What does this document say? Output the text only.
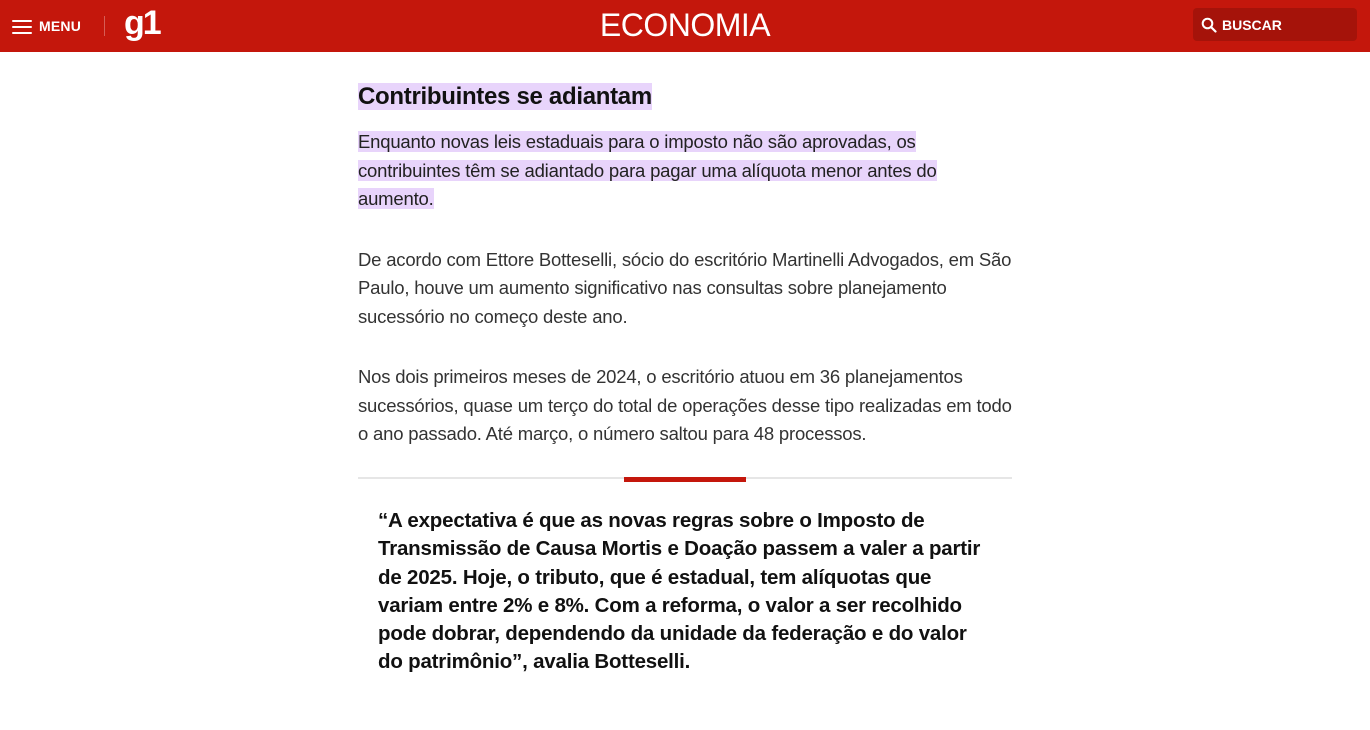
MENU g1	ECONOMIA	BUSCAR
Contribuintes se adiantam

Enquanto novas leis estaduais para o imposto não são aprovadas, os contribuintes têm se adiantado para pagar uma alíquota menor antes do aumento.

De acordo com Ettore Botteselli, sócio do escritório Martinelli Advogados, em São Paulo, houve um aumento significativo nas consultas sobre planejamento sucessório no começo deste ano.

Nos dois primeiros meses de 2024, o escritório atuou em 36 planejamentos sucessórios, quase um terço do total de operações desse tipo realizadas em todo o ano passado. Até março, o número saltou para 48 processos.

“A expectativa é que as novas regras sobre o Imposto de Transmissão de Causa Mortis e Doação passem a valer a partir de 2025. Hoje, o tributo, que é estadual, tem alíquotas que variam entre 2% e 8%. Com a reforma, o valor a ser recolhido pode dobrar, dependendo da unidade da federação e do valor do patrimônio”, avalia Botteselli.
